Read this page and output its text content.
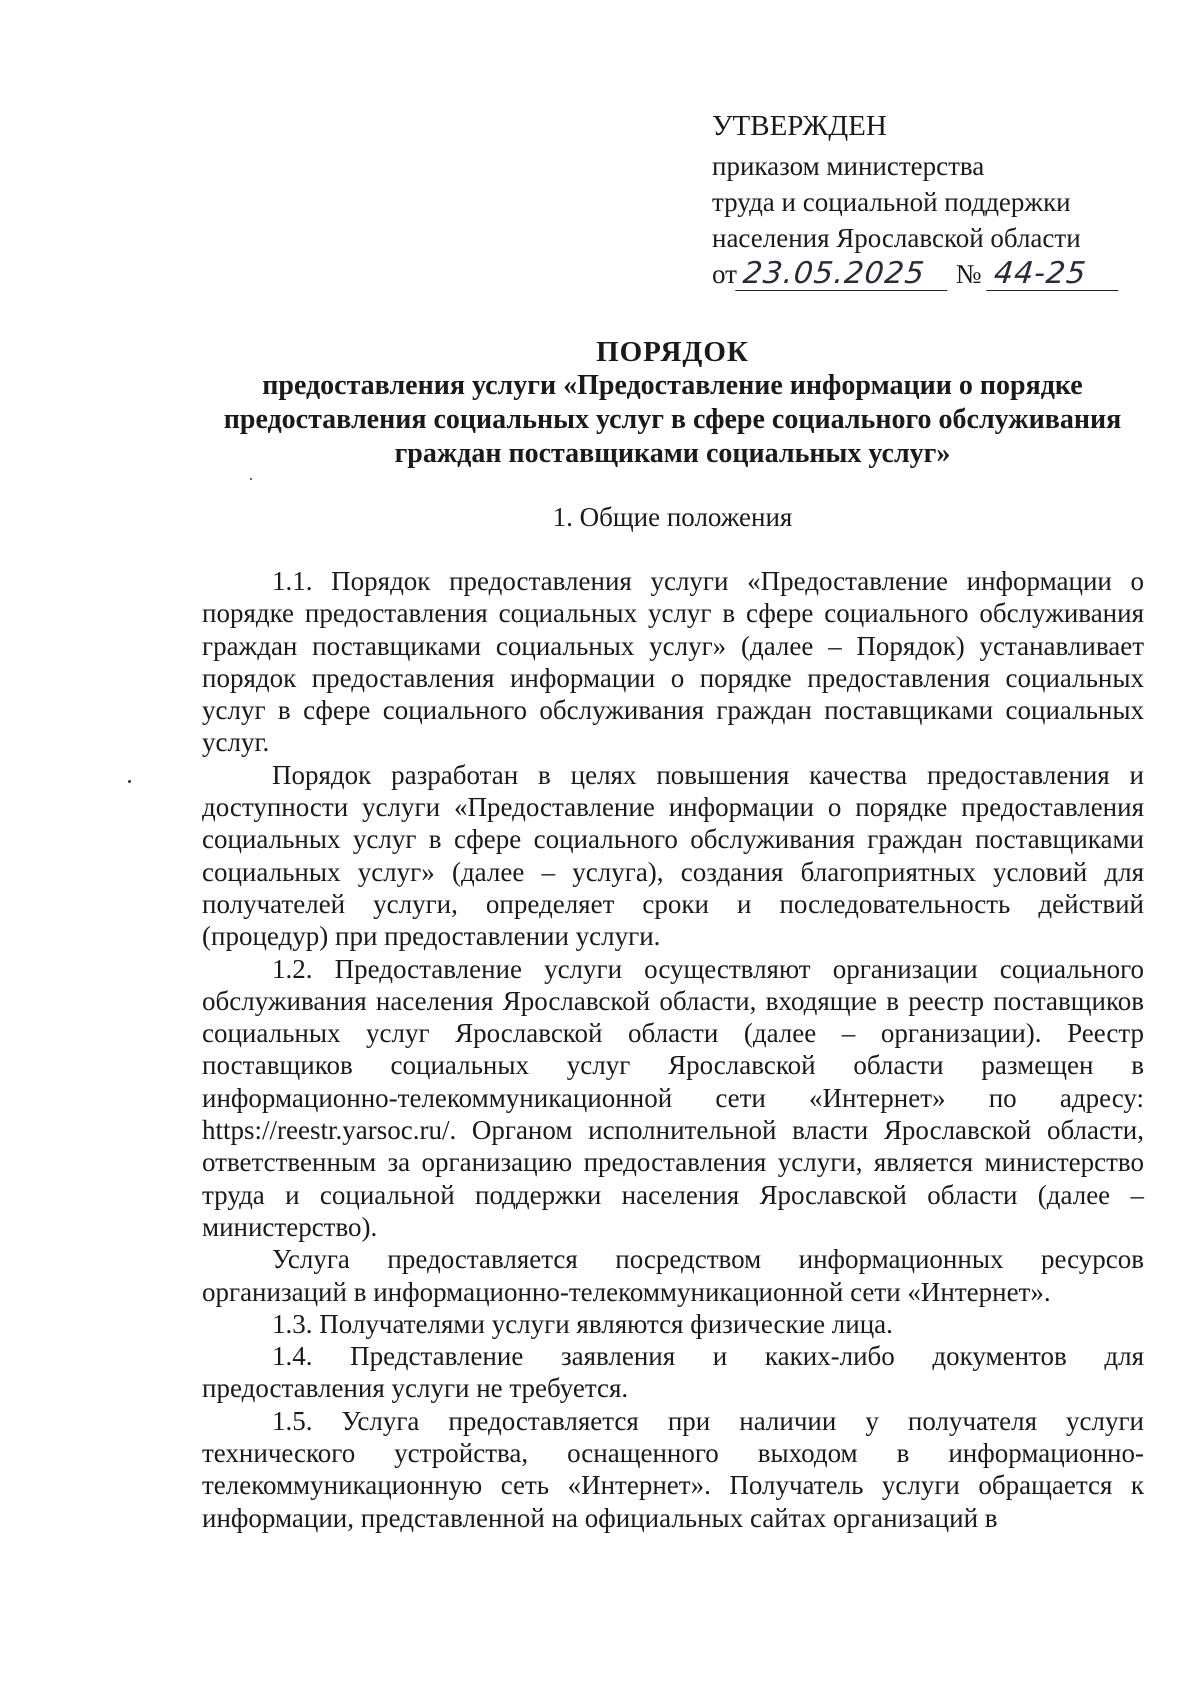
УТВЕРЖДЕН
приказом министерства
труда и социальной поддержки
населения Ярославской области
от 23.05.2025 № 44-25
ПОРЯДОК
предоставления услуги «Предоставление информации о порядке
предоставления социальных услуг в сфере социального обслуживания
граждан поставщиками социальных услуг»
1. Общие положения

1.1. Порядок предоставления услуги «Предоставление информации о порядке предоставления социальных услуг в сфере социального обслуживания граждан поставщиками социальных услуг» (далее – Порядок) устанавливает порядок предоставления информации о порядке предоставления социальных услуг в сфере социального обслуживания граждан поставщиками социальных услуг.

Порядок разработан в целях повышения качества предоставления и доступности услуги «Предоставление информации о порядке предоставления социальных услуг в сфере социального обслуживания граждан поставщиками социальных услуг» (далее – услуга), создания благоприятных условий для получателей услуги, определяет сроки и последовательность действий (процедур) при предоставлении услуги.

1.2. Предоставление услуги осуществляют организации социального обслуживания населения Ярославской области, входящие в реестр поставщиков социальных услуг Ярославской области (далее – организации). Реестр поставщиков социальных услуг Ярославской области размещен в информационно-телекоммуникационной сети «Интернет» по адресу: https://reestr.yarsoc.ru/. Органом исполнительной власти Ярославской области, ответственным за организацию предоставления услуги, является министерство труда и социальной поддержки населения Ярославской области (далее – министерство).

Услуга предоставляется посредством информационных ресурсов организаций в информационно-телекоммуникационной сети «Интернет».

1.3. Получателями услуги являются физические лица.

1.4. Представление заявления и каких-либо документов для предоставления услуги не требуется.

1.5. Услуга предоставляется при наличии у получателя услуги технического устройства, оснащенного выходом в информационно-телекоммуникационную сеть «Интернет». Получатель услуги обращается к информации, представленной на официальных сайтах организаций в
